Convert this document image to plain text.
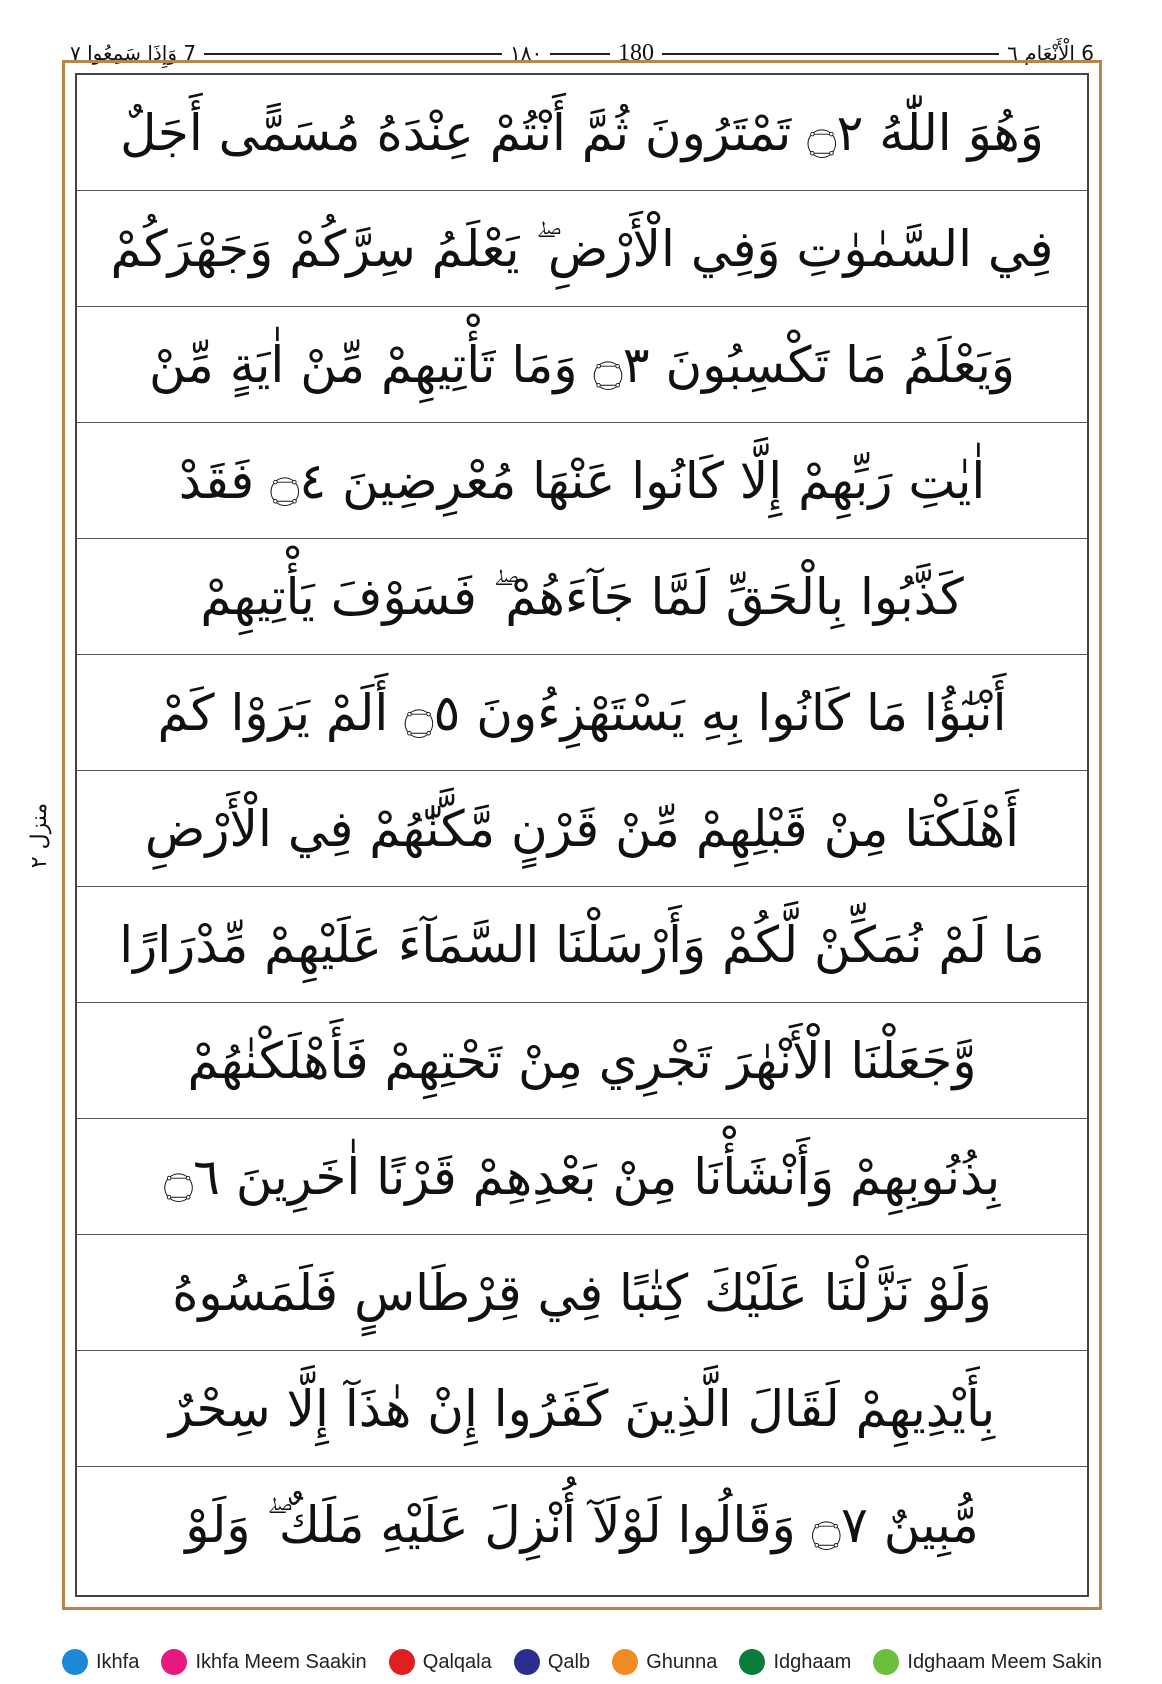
7 وَإِذَا سَمِعُوا ٧	١٨٠	180	6 الْأَنْعَام ٦
منزل ٢
وَهُوَ اللّٰهُ ۝٢ تَمْتَرُونَ ثُمَّ أَنْتُمْ عِنْدَهُ مُسَمًّى أَجَلٌ
فِي السَّمٰوٰتِ وَفِي الْأَرْضِ ۖ يَعْلَمُ سِرَّكُمْ وَجَهْرَكُمْ
وَيَعْلَمُ مَا تَكْسِبُونَ ۝٣ وَمَا تَأْتِيهِمْ مِّنْ اٰيَةٍ مِّنْ
اٰيٰتِ رَبِّهِمْ إِلَّا كَانُوا عَنْهَا مُعْرِضِينَ ۝٤ فَقَدْ
كَذَّبُوا بِالْحَقِّ لَمَّا جَآءَهُمْ ۖ فَسَوْفَ يَأْتِيهِمْ
أَنْبٰٓؤُا مَا كَانُوا بِهِ يَسْتَهْزِءُونَ ۝٥ أَلَمْ يَرَوْا كَمْ
أَهْلَكْنَا مِنْ قَبْلِهِمْ مِّنْ قَرْنٍ مَّكَّنّٰهُمْ فِي الْأَرْضِ
مَا لَمْ نُمَكِّنْ لَّكُمْ وَأَرْسَلْنَا السَّمَآءَ عَلَيْهِمْ مِّدْرَارًا
وَّجَعَلْنَا الْأَنْهٰرَ تَجْرِي مِنْ تَحْتِهِمْ فَأَهْلَكْنٰهُمْ
بِذُنُوبِهِمْ وَأَنْشَأْنَا مِنْ بَعْدِهِمْ قَرْنًا اٰخَرِينَ ۝٦
وَلَوْ نَزَّلْنَا عَلَيْكَ كِتٰبًا فِي قِرْطَاسٍ فَلَمَسُوهُ
بِأَيْدِيهِمْ لَقَالَ الَّذِينَ كَفَرُوا إِنْ هٰذَآ إِلَّا سِحْرٌ
مُّبِينٌ ۝٧ وَقَالُوا لَوْلَآ أُنْزِلَ عَلَيْهِ مَلَكٌ ۖ وَلَوْ
Ikhfa	Ikhfa Meem Saakin	Qalqala	Qalb	Ghunna	Idghaam	Idghaam Meem Sakin
